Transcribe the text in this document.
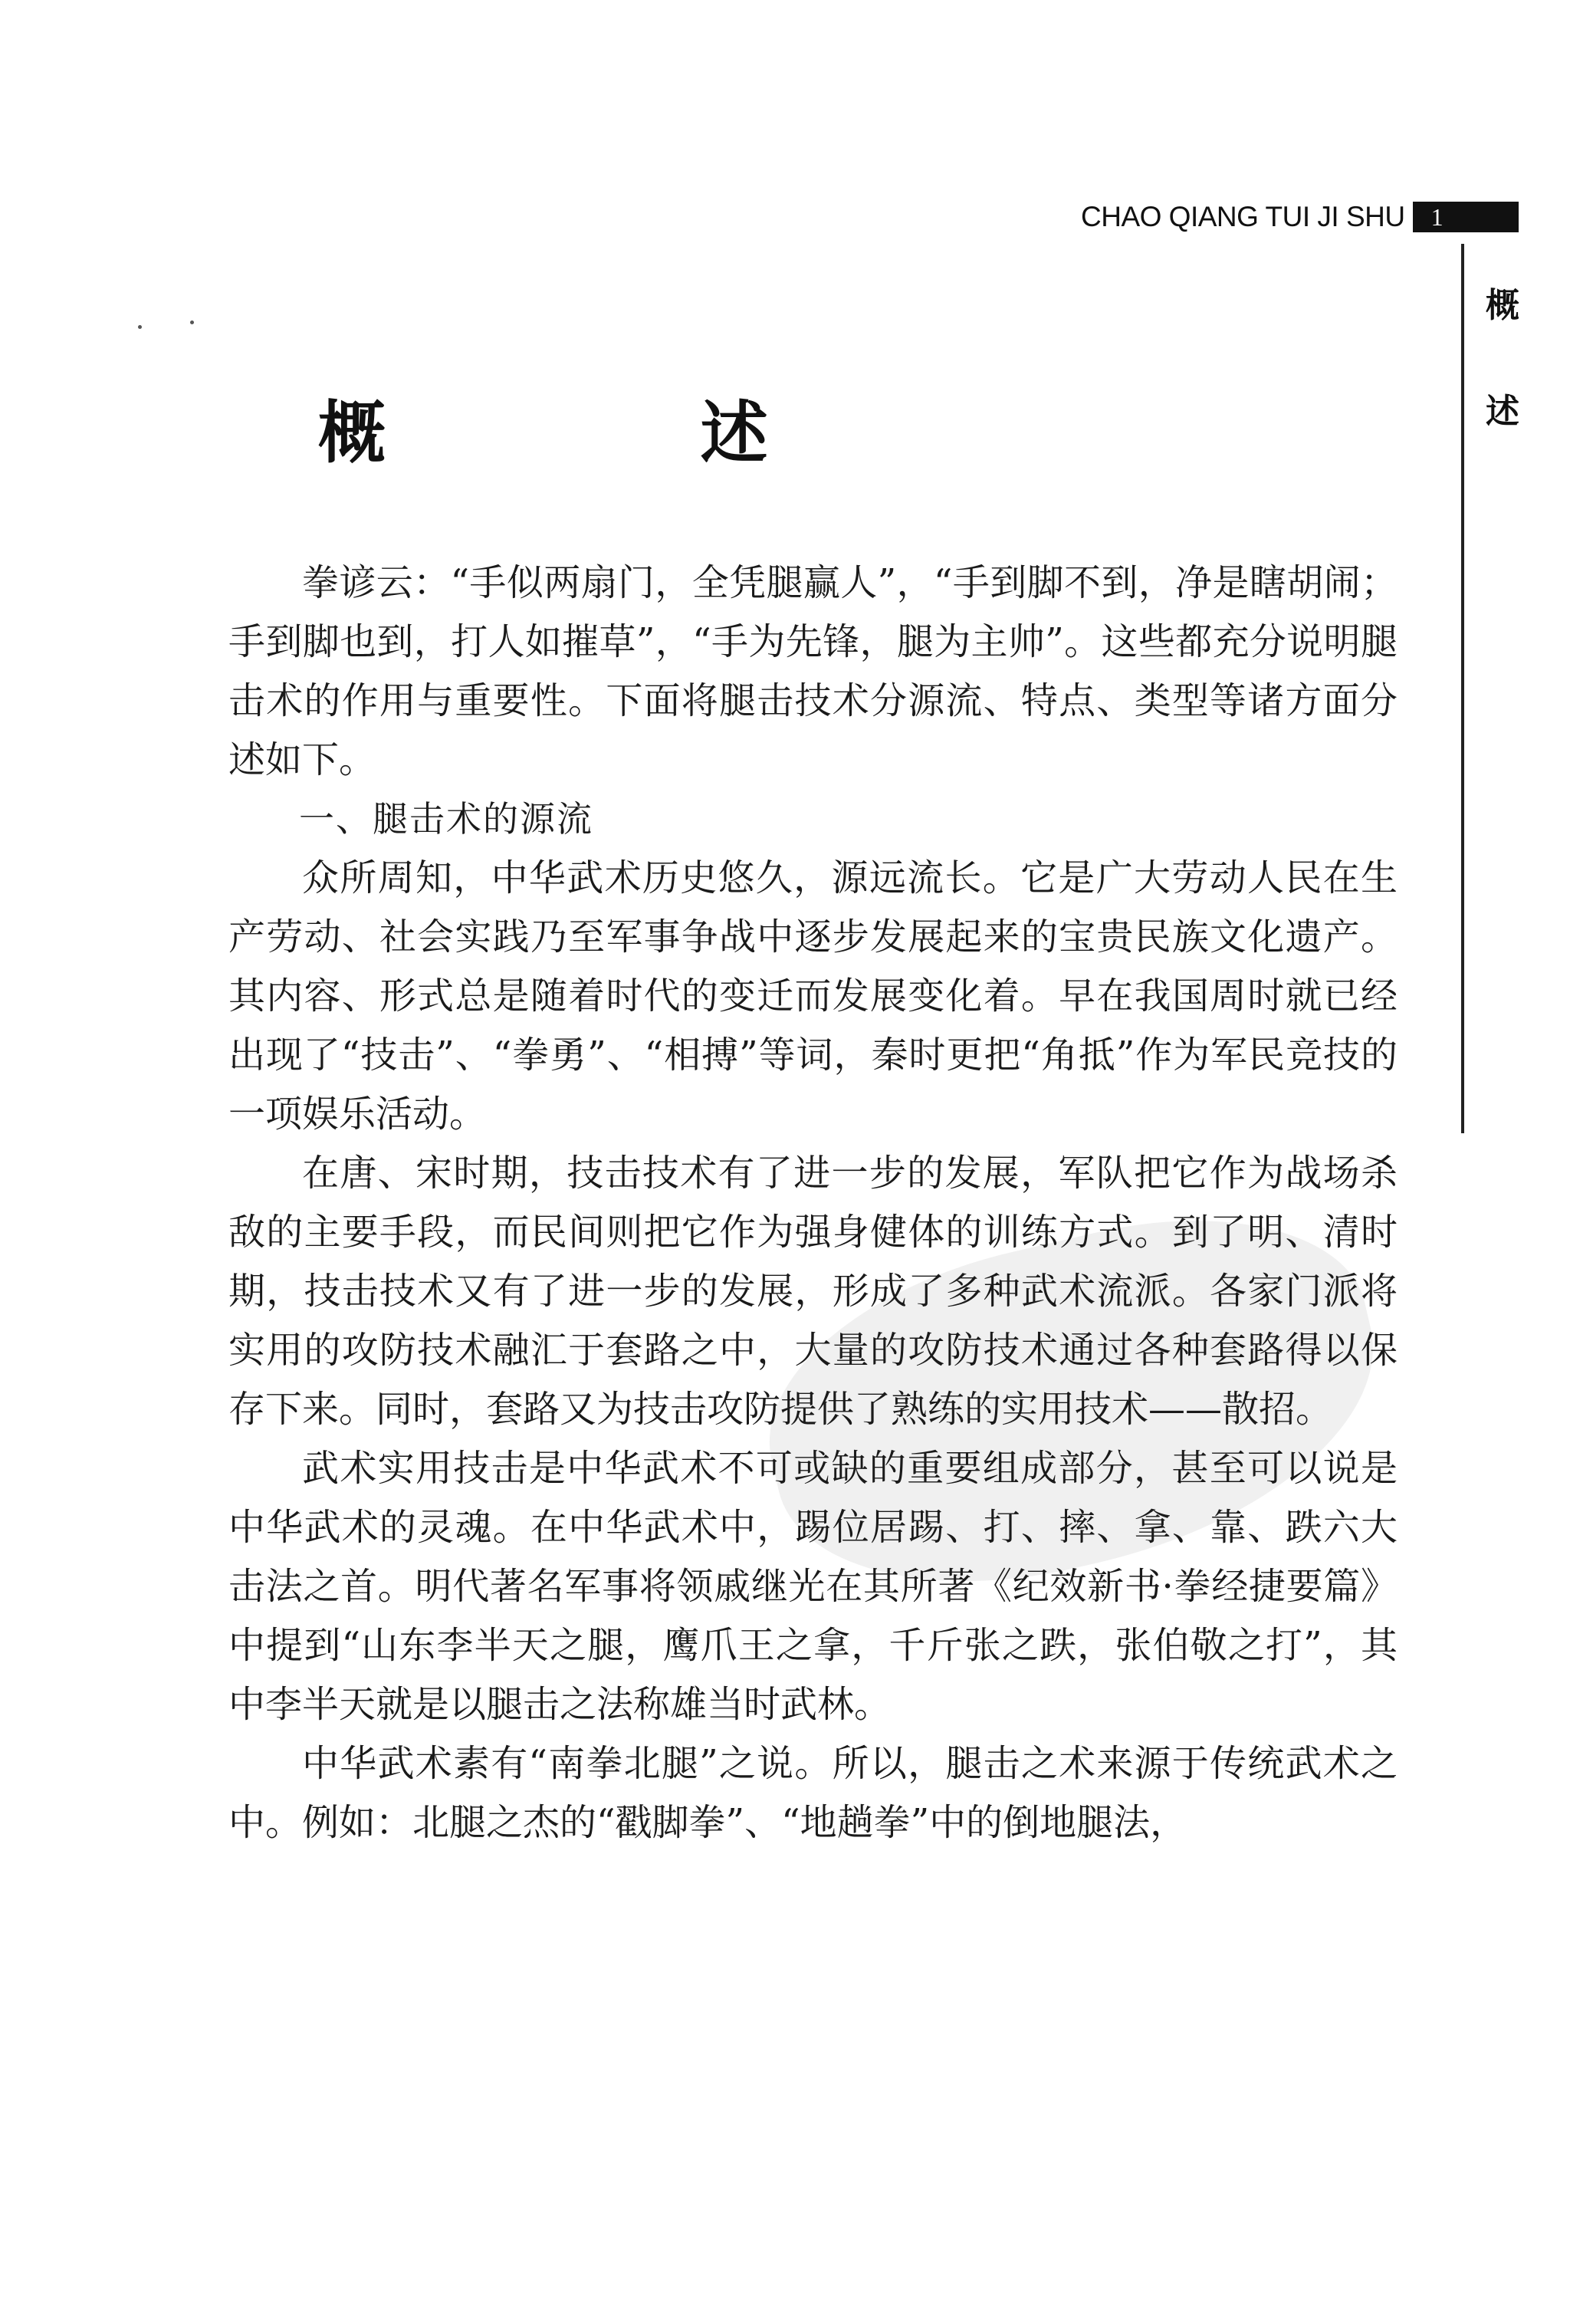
CHAO QIANG TUI JI SHU	1
概
述
概 述

拳谚云：“手似两扇门，全凭腿赢人”，“手到脚不到，净是瞎胡闹；手到脚也到，打人如摧草”，“手为先锋，腿为主帅”。这些都充分说明腿击术的作用与重要性。下面将腿击技术分源流、特点、类型等诸方面分述如下。

一、腿击术的源流

众所周知，中华武术历史悠久，源远流长。它是广大劳动人民在生产劳动、社会实践乃至军事争战中逐步发展起来的宝贵民族文化遗产。其内容、形式总是随着时代的变迁而发展变化着。早在我国周时就已经出现了“技击”、“拳勇”、“相搏”等词，秦时更把“角抵”作为军民竞技的一项娱乐活动。

在唐、宋时期，技击技术有了进一步的发展，军队把它作为战场杀敌的主要手段，而民间则把它作为强身健体的训练方式。到了明、清时期，技击技术又有了进一步的发展，形成了多种武术流派。各家门派将实用的攻防技术融汇于套路之中，大量的攻防技术通过各种套路得以保存下来。同时，套路又为技击攻防提供了熟练的实用技术——散招。

武术实用技击是中华武术不可或缺的重要组成部分，甚至可以说是中华武术的灵魂。在中华武术中，踢位居踢、打、摔、拿、靠、跌六大击法之首。明代著名军事将领戚继光在其所著《纪效新书·拳经捷要篇》中提到“山东李半天之腿，鹰爪王之拿，千斤张之跌，张伯敬之打”，其中李半天就是以腿击之法称雄当时武林。

中华武术素有“南拳北腿”之说。所以，腿击之术来源于传统武术之中。例如：北腿之杰的“戳脚拳”、“地趟拳”中的倒地腿法，
